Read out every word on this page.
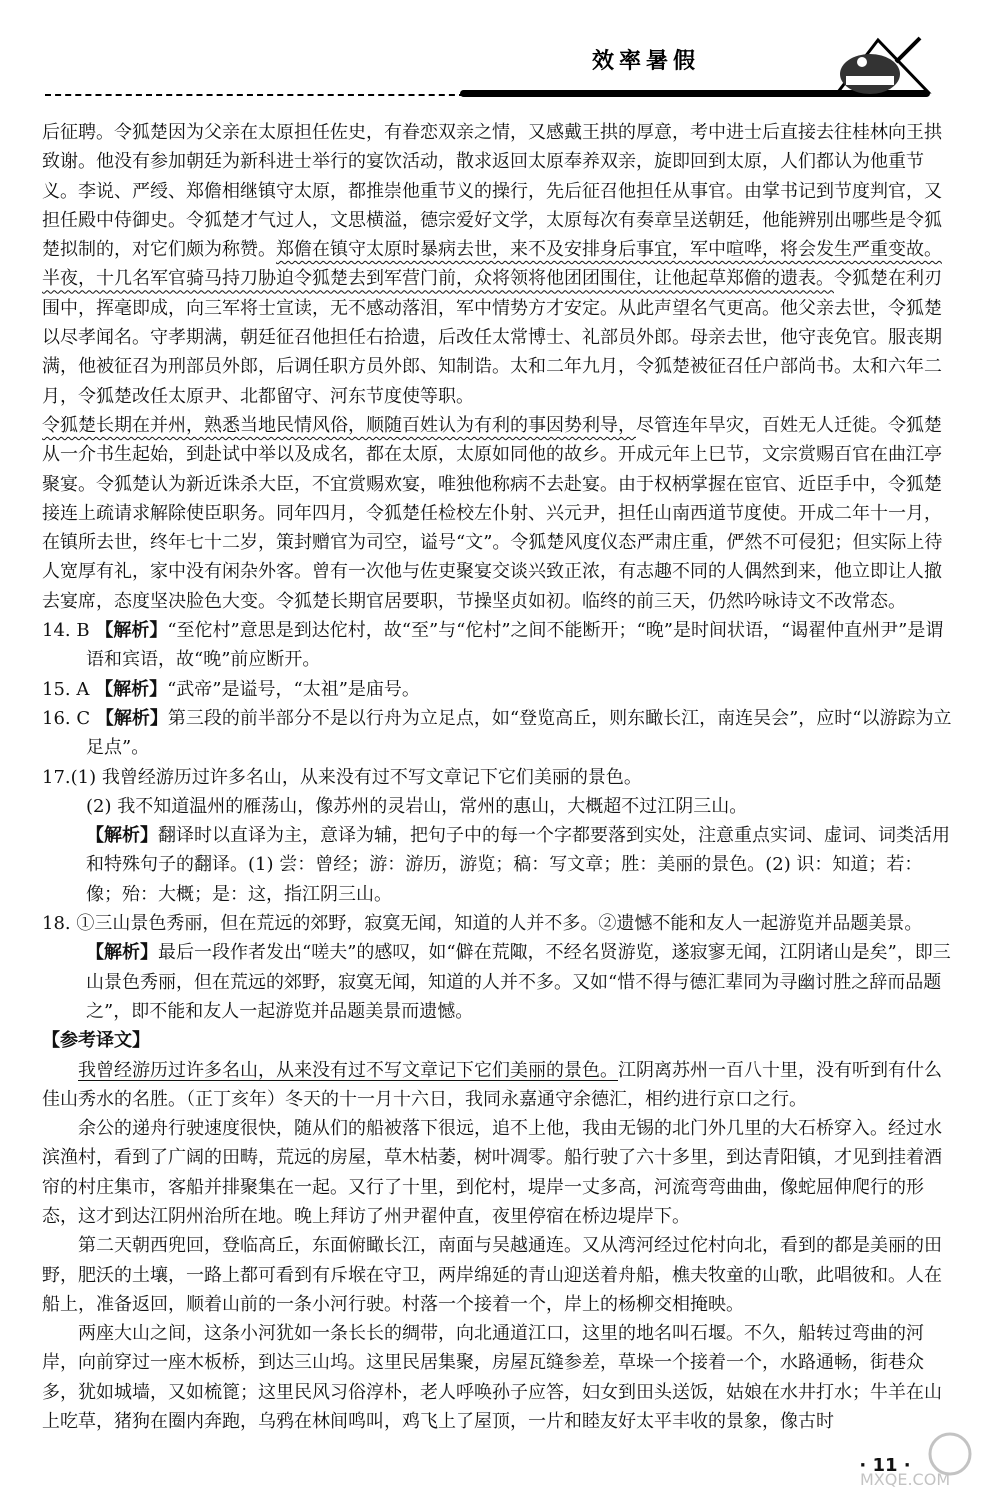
效率暑假

后征聘。令狐楚因为父亲在太原担任佐史，有眷恋双亲之情，又感戴王拱的厚意，考中进士后直接去往桂林向王拱致谢。他没有参加朝廷为新科进士举行的宴饮活动，散求返回太原奉养双亲，旋即回到太原，人们都认为他重节义。李说、严绶、郑儋相继镇守太原，都推崇他重节义的操行，先后征召他担任从事官。由掌书记到节度判官，又担任殿中侍御史。令狐楚才气过人，文思横溢，德宗爱好文学，太原每次有奏章呈送朝廷，他能辨别出哪些是令狐楚拟制的，对它们颇为称赞。郑儋在镇守太原时暴病去世，来不及安排身后事宜，军中喧哗，将会发生严重变故。半夜，十几名军官骑马持刀胁迫令狐楚去到军营门前，众将领将他团团围住，让他起草郑儋的遗表。令狐楚在利刃围中，挥毫即成，向三军将士宣读，无不感动落泪，军中情势方才安定。从此声望名气更高。他父亲去世，令狐楚以尽孝闻名。守孝期满，朝廷征召他担任右拾遗，后改任太常博士、礼部员外郎。母亲去世，他守丧免官。服丧期满，他被征召为刑部员外郎，后调任职方员外郎、知制诰。太和二年九月，令狐楚被征召任户部尚书。太和六年二月，令狐楚改任太原尹、北都留守、河东节度使等职。

令狐楚长期在并州，熟悉当地民情风俗，顺随百姓认为有利的事因势利导，尽管连年旱灾，百姓无人迁徙。令狐楚从一介书生起始，到赴试中举以及成名，都在太原，太原如同他的故乡。开成元年上巳节，文宗赏赐百官在曲江亭聚宴。令狐楚认为新近诛杀大臣，不宜赏赐欢宴，唯独他称病不去赴宴。由于权柄掌握在宦官、近臣手中，令狐楚接连上疏请求解除使臣职务。同年四月，令狐楚任检校左仆射、兴元尹，担任山南西道节度使。开成二年十一月，在镇所去世，终年七十二岁，策封赠官为司空，谥号“文”。令狐楚风度仪态严肃庄重，俨然不可侵犯；但实际上待人宽厚有礼，家中没有闲杂外客。曾有一次他与佐吏聚宴交谈兴致正浓，有志趣不同的人偶然到来，他立即让人撤去宴席，态度坚决脸色大变。令狐楚长期官居要职，节操坚贞如初。临终的前三天，仍然吟咏诗文不改常态。

14. B 【解析】“至佗村”意思是到达佗村，故“至”与“佗村”之间不能断开；“晚”是时间状语，“谒翟仲直州尹”是谓语和宾语，故“晚”前应断开。

15. A 【解析】“武帝”是谥号，“太祖”是庙号。

16. C 【解析】第三段的前半部分不是以行舟为立足点，如“登览高丘，则东瞰长江，南连吴会”，应时“以游踪为立足点”。

17.(1) 我曾经游历过许多名山，从来没有过不写文章记下它们美丽的景色。

(2) 我不知道温州的雁荡山，像苏州的灵岩山，常州的惠山，大概超不过江阴三山。

【解析】翻译时以直译为主，意译为辅，把句子中的每一个字都要落到实处，注意重点实词、虚词、词类活用和特殊句子的翻译。(1) 尝：曾经；游：游历，游览；稿：写文章；胜：美丽的景色。(2) 识：知道；若：像；殆：大概；是：这，指江阴三山。

18. ①三山景色秀丽，但在荒远的郊野，寂寞无闻，知道的人并不多。②遗憾不能和友人一起游览并品题美景。

【解析】最后一段作者发出“嗟夫”的感叹，如“僻在荒陬，不经名贤游览，遂寂寥无闻，江阴诸山是矣”，即三山景色秀丽，但在荒远的郊野，寂寞无闻，知道的人并不多。又如“惜不得与德汇辈同为寻幽讨胜之辞而品题之”，即不能和友人一起游览并品题美景而遗憾。

【参考译文】

我曾经游历过许多名山，从来没有过不写文章记下它们美丽的景色。江阴离苏州一百八十里，没有听到有什么佳山秀水的名胜。（正丁亥年）冬天的十一月十六日，我同永嘉通守余德汇，相约进行京口之行。

余公的递舟行驶速度很快，随从们的船被落下很远，追不上他，我由无锡的北门外几里的大石桥穿入。经过水滨渔村，看到了广阔的田畴，荒远的房屋，草木枯萎，树叶凋零。船行驶了六十多里，到达青阳镇，才见到挂着酒帘的村庄集市，客船并排聚集在一起。又行了十里，到佗村，堤岸一丈多高，河流弯弯曲曲，像蛇屈伸爬行的形态，这才到达江阴州治所在地。晚上拜访了州尹翟仲直，夜里停宿在桥边堤岸下。

第二天朝西兜回，登临高丘，东面俯瞰长江，南面与吴越通连。又从湾河经过佗村向北，看到的都是美丽的田野，肥沃的土壤，一路上都可看到有斥堠在守卫，两岸绵延的青山迎送着舟船，樵夫牧童的山歌，此唱彼和。人在船上，准备返回，顺着山前的一条小河行驶。村落一个接着一个，岸上的杨柳交相掩映。

两座大山之间，这条小河犹如一条长长的绸带，向北通道江口，这里的地名叫石堰。不久，船转过弯曲的河岸，向前穿过一座木板桥，到达三山坞。这里民居集聚，房屋瓦缝参差，草垛一个接着一个，水路通畅，街巷众多，犹如城墙，又如梳篦；这里民风习俗淳朴，老人呼唤孙子应答，妇女到田头送饭，姑娘在水井打水；牛羊在山上吃草，猪狗在圈内奔跑，乌鸦在林间鸣叫，鸡飞上了屋顶，一片和睦友好太平丰收的景象，像古时

· 11 ·
MXQE.COM
